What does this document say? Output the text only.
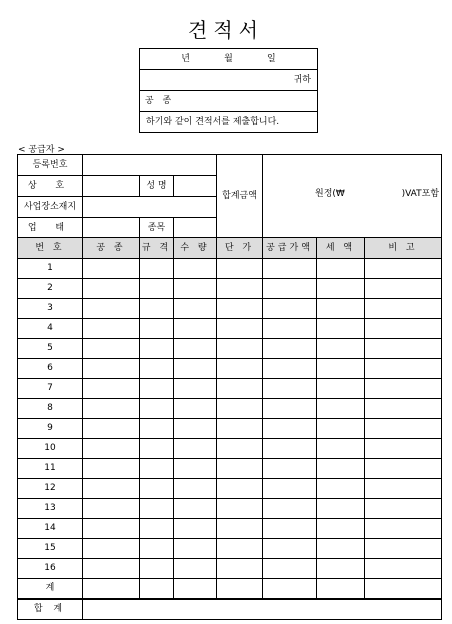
견적서
년	월	일
귀하
공 종
하기와 같이 견적서를 제출합니다.
< 공급자 >
등록번호				합계금액	원정(₩ )VAT포함

상 호		성 명			
사업장소재지					
업 태		종목			
번 호	공 종	규 격	수 량	단 가	공급가액	세 액	비 고
1							
2							
3							
4							
5							
6							
7							
8							
9							
10							
11							
12							
13							
14							
15							
16							
계							
합 계	
